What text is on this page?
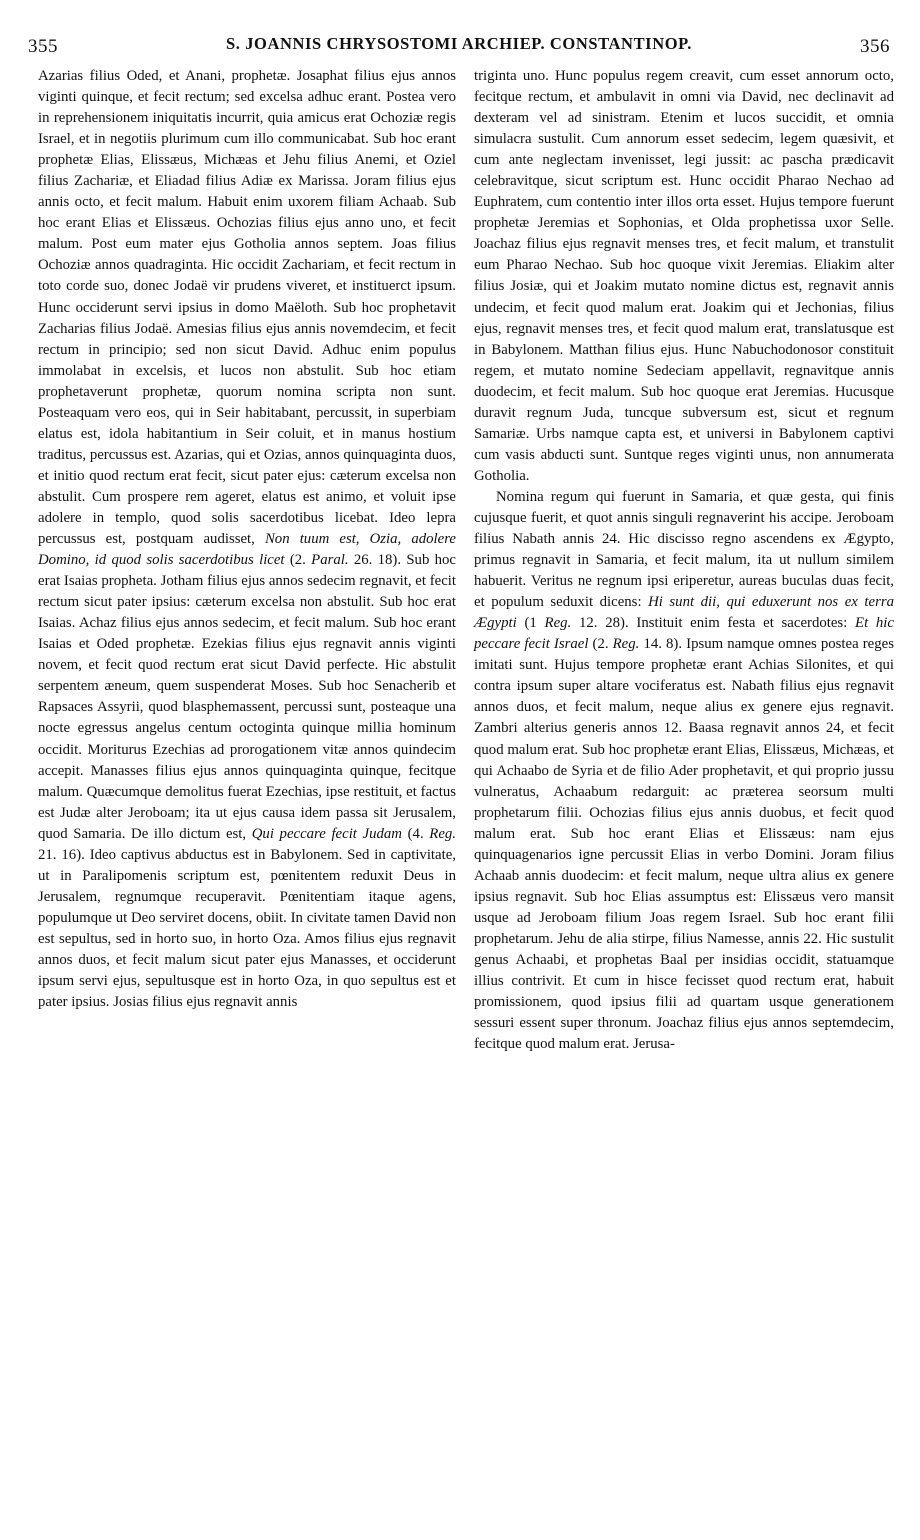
355	S. JOANNIS CHRYSOSTOMI ARCHIEP. CONSTANTINOP.	356

Azarias filius Oded, et Anani, prophetæ. Josaphat filius ejus annos viginti quinque, et fecit rectum; sed excelsa adhuc erant. Postea vero in reprehensionem iniquitatis incurrit, quia amicus erat Ochoziæ regis Israel, et in negotiis plurimum cum illo communicabat. Sub hoc erant prophetæ Elias, Elissæus, Michæas et Jehu filius Anemi, et Oziel filius Zachariæ, et Eliadad filius Adiæ ex Marissa. Joram filius ejus annis octo, et fecit malum. Habuit enim uxorem filiam Achaab. Sub hoc erant Elias et Elissæus. Ochozias filius ejus anno uno, et fecit malum. Post eum mater ejus Gotholia annos septem. Joas filius Ochoziæ annos quadraginta. Hic occidit Zachariam, et fecit rectum in toto corde suo, donec Jodaë vir prudens viveret, et instituerct ipsum. Hunc occiderunt servi ipsius in domo Maëloth. Sub hoc prophetavit Zacharias filius Jodaë. Amesias filius ejus annis novemdecim, et fecit rectum in principio; sed non sicut David. Adhuc enim populus immolabat in excelsis, et lucos non abstulit. Sub hoc etiam prophetaverunt prophetæ, quorum nomina scripta non sunt. Posteaquam vero eos, qui in Seir habitabant, percussit, in superbiam elatus est, idola habitantium in Seir coluit, et in manus hostium traditus, percussus est. Azarias, qui et Ozias, annos quinquaginta duos, et initio quod rectum erat fecit, sicut pater ejus: cæterum excelsa non abstulit. Cum prospere rem ageret, elatus est animo, et voluit ipse adolere in templo, quod solis sacerdotibus licebat. Ideo lepra percussus est, postquam audisset, Non tuum est, Ozia, adolere Domino, id quod solis sacerdotibus licet (2. Paral. 26. 18). Sub hoc erat Isaias propheta. Jotham filius ejus annos sedecim regnavit, et fecit rectum sicut pater ipsius: cæterum excelsa non abstulit. Sub hoc erat Isaias. Achaz filius ejus annos sedecim, et fecit malum. Sub hoc erant Isaias et Oded prophetæ. Ezekias filius ejus regnavit annis viginti novem, et fecit quod rectum erat sicut David perfecte. Hic abstulit serpentem æneum, quem suspenderat Moses. Sub hoc Senacherib et Rapsaces Assyrii, quod blasphemassent, percussi sunt, posteaque una nocte egressus angelus centum octoginta quinque millia hominum occidit. Moriturus Ezechias ad prorogationem vitæ annos quindecim accepit. Manasses filius ejus annos quinquaginta quinque, fecitque malum. Quæcumque demolitus fuerat Ezechias, ipse restituit, et factus est Judæ alter Jeroboam; ita ut ejus causa idem passa sit Jerusalem, quod Samaria. De illo dictum est, Qui peccare fecit Judam (4. Reg. 21. 16). Ideo captivus abductus est in Babylonem. Sed in captivitate, ut in Paralipomenis scriptum est, pœnitentem reduxit Deus in Jerusalem, regnumque recuperavit. Pœnitentiam itaque agens, populumque ut Deo serviret docens, obiit. In civitate tamen David non est sepultus, sed in horto suo, in horto Oza. Amos filius ejus regnavit annos duos, et fecit malum sicut pater ejus Manasses, et occiderunt ipsum servi ejus, sepultusque est in horto Oza, in quo sepultus est et pater ipsius. Josias filius ejus regnavit annis

triginta uno. Hunc populus regem creavit, cum esset annorum octo, fecitque rectum, et ambulavit in omni via David, nec declinavit ad dexteram vel ad sinistram. Etenim et lucos succidit, et omnia simulacra sustulit. Cum annorum esset sedecim, legem quæsivit, et cum ante neglectam invenisset, legi jussit: ac pascha prædicavit celebravitque, sicut scriptum est. Hunc occidit Pharao Nechao ad Euphratem, cum contentio inter illos orta esset. Hujus tempore fuerunt prophetæ Jeremias et Sophonias, et Olda prophetissa uxor Selle. Joachaz filius ejus regnavit menses tres, et fecit malum, et transtulit eum Pharao Nechao. Sub hoc quoque vixit Jeremias. Eliakim alter filius Josiæ, qui et Joakim mutato nomine dictus est, regnavit annis undecim, et fecit quod malum erat. Joakim qui et Jechonias, filius ejus, regnavit menses tres, et fecit quod malum erat, translatusque est in Babylonem. Matthan filius ejus. Hunc Nabuchodonosor constituit regem, et mutato nomine Sedeciam appellavit, regnavitque annis duodecim, et fecit malum. Sub hoc quoque erat Jeremias. Hucusque duravit regnum Juda, tuncque subversum est, sicut et regnum Samariæ. Urbs namque capta est, et universi in Babylonem captivi cum vasis abducti sunt. Suntque reges viginti unus, non annumerata Gotholia.

Nomina regum qui fuerunt in Samaria, et quæ gesta, qui finis cujusque fuerit, et quot annis singuli regnaverint his accipe. Jeroboam filius Nabath annis 24. Hic discisso regno ascendens ex Ægypto, primus regnavit in Samaria, et fecit malum, ita ut nullum similem habuerit. Veritus ne regnum ipsi eriperetur, aureas buculas duas fecit, et populum seduxit dicens: Hi sunt dii, qui eduxerunt nos ex terra Ægypti (1 Reg. 12. 28). Instituit enim festa et sacerdotes: Et hic peccare fecit Israel (2. Reg. 14. 8). Ipsum namque omnes postea reges imitati sunt. Hujus tempore prophetæ erant Achias Silonites, et qui contra ipsum super altare vociferatus est. Nabath filius ejus regnavit annos duos, et fecit malum, neque alius ex genere ejus regnavit. Zambri alterius generis annos 12. Baasa regnavit annos 24, et fecit quod malum erat. Sub hoc prophetæ erant Elias, Elissæus, Michæas, et qui Achaabo de Syria et de filio Ader prophetavit, et qui proprio jussu vulneratus, Achaabum redarguit: ac præterea seorsum multi prophetarum filii. Ochozias filius ejus annis duobus, et fecit quod malum erat. Sub hoc erant Elias et Elissæus: nam ejus quinquagenarios igne percussit Elias in verbo Domini. Joram filius Achaab annis duodecim: et fecit malum, neque ultra alius ex genere ipsius regnavit. Sub hoc Elias assumptus est: Elissæus vero mansit usque ad Jeroboam filium Joas regem Israel. Sub hoc erant filii prophetarum. Jehu de alia stirpe, filius Namesse, annis 22. Hic sustulit genus Achaabi, et prophetas Baal per insidias occidit, statuamque illius contrivit. Et cum in hisce fecisset quod rectum erat, habuit promissionem, quod ipsius filii ad quartam usque generationem sessuri essent super thronum. Joachaz filius ejus annos septemdecim, fecitque quod malum erat. Jerusa-
